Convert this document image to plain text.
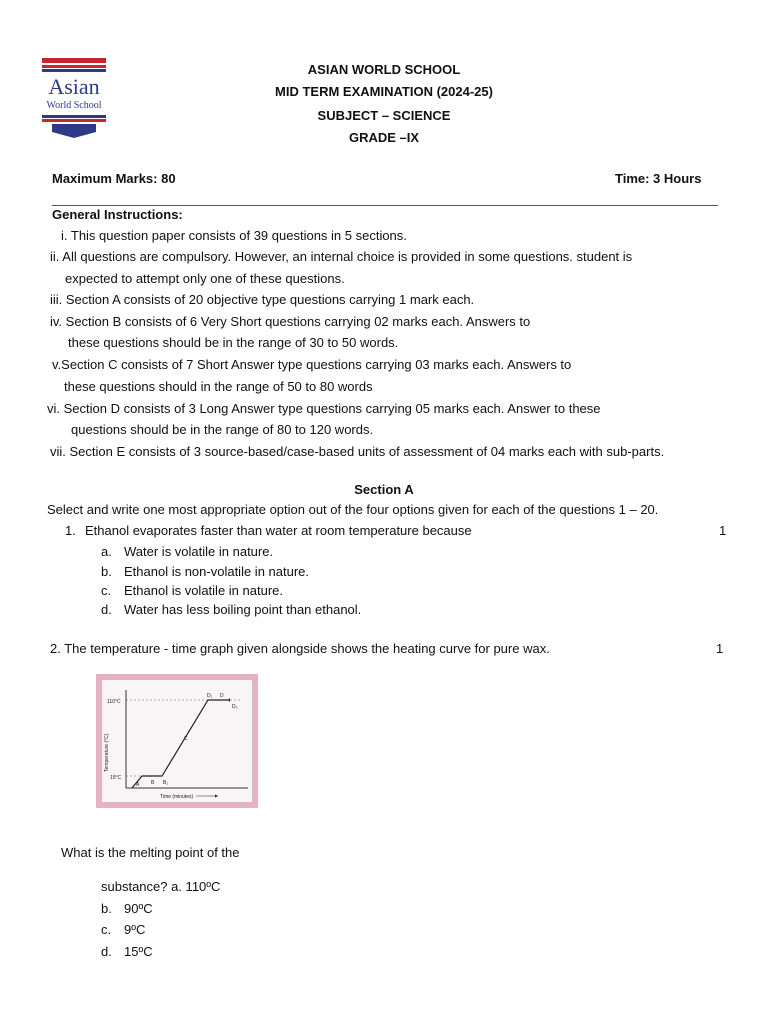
Asian
World School
ASIAN WORLD SCHOOL
MID TERM EXAMINATION (2024-25)
SUBJECT – SCIENCE
GRADE –IX
Maximum Marks: 80	Time: 3 Hours
General Instructions:
i. This question paper consists of 39 questions in 5 sections.
ii. All questions are compulsory. However, an internal choice is provided in some questions. student is
expected to attempt only one of these questions.
iii. Section A consists of 20 objective type questions carrying 1 mark each.
iv. Section B consists of 6 Very Short questions carrying 02 marks each. Answers to
these questions should be in the range of 30 to 50 words.
v.Section C consists of 7 Short Answer type questions carrying 03 marks each. Answers to
these questions should in the range of 50 to 80 words
vi. Section D consists of 3 Long Answer type questions carrying 05 marks each. Answer to these
questions should be in the range of 80 to 120 words.
vii. Section E consists of 3 source-based/case-based units of assessment of 04 marks each with sub-parts.
Section A
Select and write one most appropriate option out of the four options given for each of the questions 1 – 20.
1. Ethanol evaporates faster than water at room temperature because	1
a. Water is volatile in nature.
b. Ethanol is non-volatile in nature.
c. Ethanol is volatile in nature.
d. Water has less boiling point than ethanol.
2. The temperature - time graph given alongside shows the heating curve for pure wax.	1
110°C
15°C
Temperature (°C)
Time (minutes)
A B B₁
C
D₁ D
D₂
What is the melting point of the
substance? a. 110ºC
b. 90ºC
c. 9ºC
d. 15ºC
